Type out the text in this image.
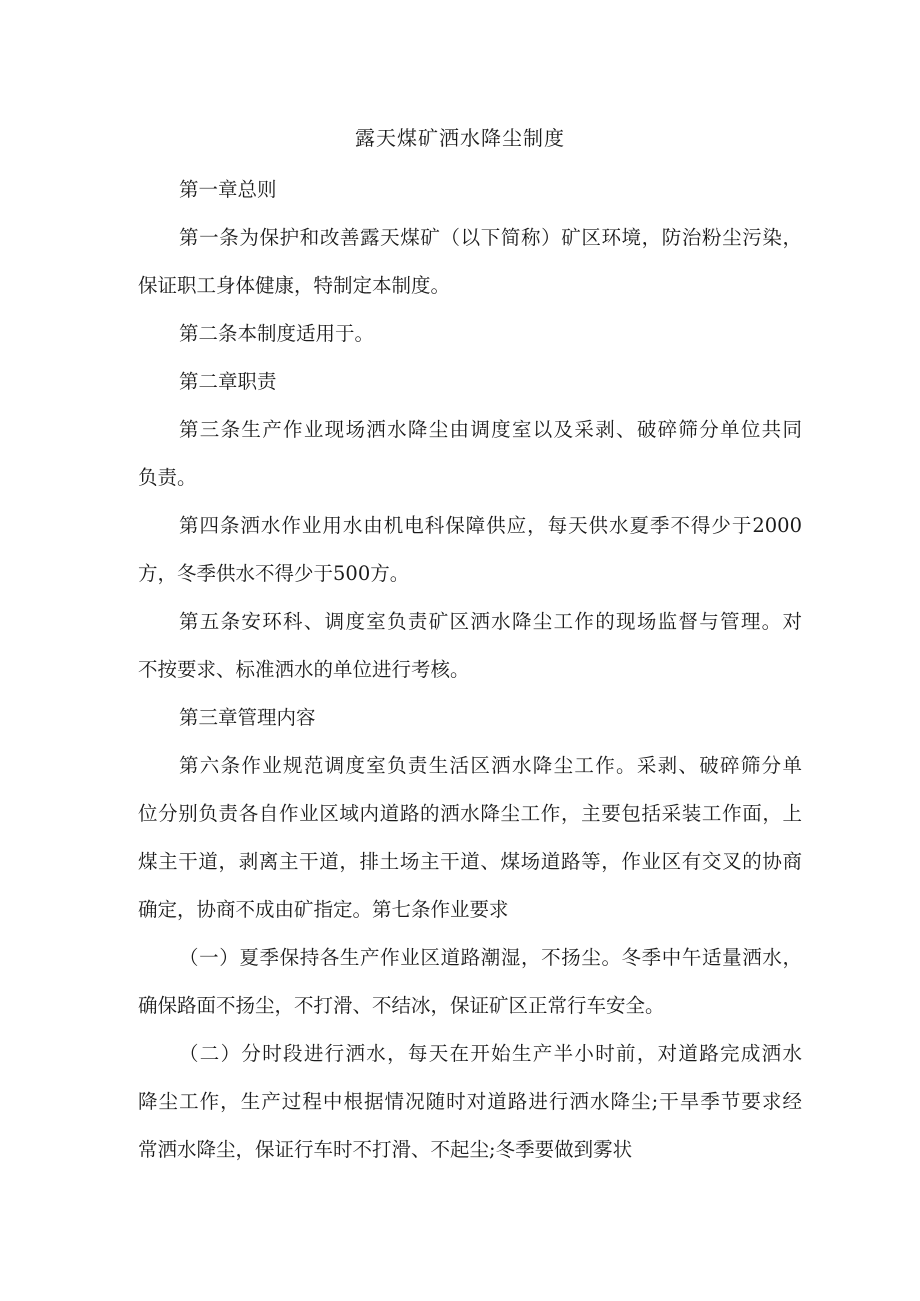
露天煤矿洒水降尘制度
第一章总则
第一条为保护和改善露天煤矿（以下简称）矿区环境，防治粉尘污染，
保证职工身体健康，特制定本制度。
第二条本制度适用于。
第二章职责
第三条生产作业现场洒水降尘由调度室以及采剥、破碎筛分单位共同
负责。
第四条洒水作业用水由机电科保障供应，每天供水夏季不得少于2000
方，冬季供水不得少于500方。
第五条安环科、调度室负责矿区洒水降尘工作的现场监督与管理。对
不按要求、标准洒水的单位进行考核。
第三章管理内容
第六条作业规范调度室负责生活区洒水降尘工作。采剥、破碎筛分单
位分别负责各自作业区域内道路的洒水降尘工作，主要包括采装工作面，上
煤主干道，剥离主干道，排土场主干道、煤场道路等，作业区有交叉的协商
确定，协商不成由矿指定。第七条作业要求
（一）夏季保持各生产作业区道路潮湿，不扬尘。冬季中午适量洒水，
确保路面不扬尘，不打滑、不结冰，保证矿区正常行车安全。
（二）分时段进行洒水，每天在开始生产半小时前，对道路完成洒水
降尘工作，生产过程中根据情况随时对道路进行洒水降尘;干旱季节要求经
常洒水降尘，保证行车时不打滑、不起尘;冬季要做到雾状
